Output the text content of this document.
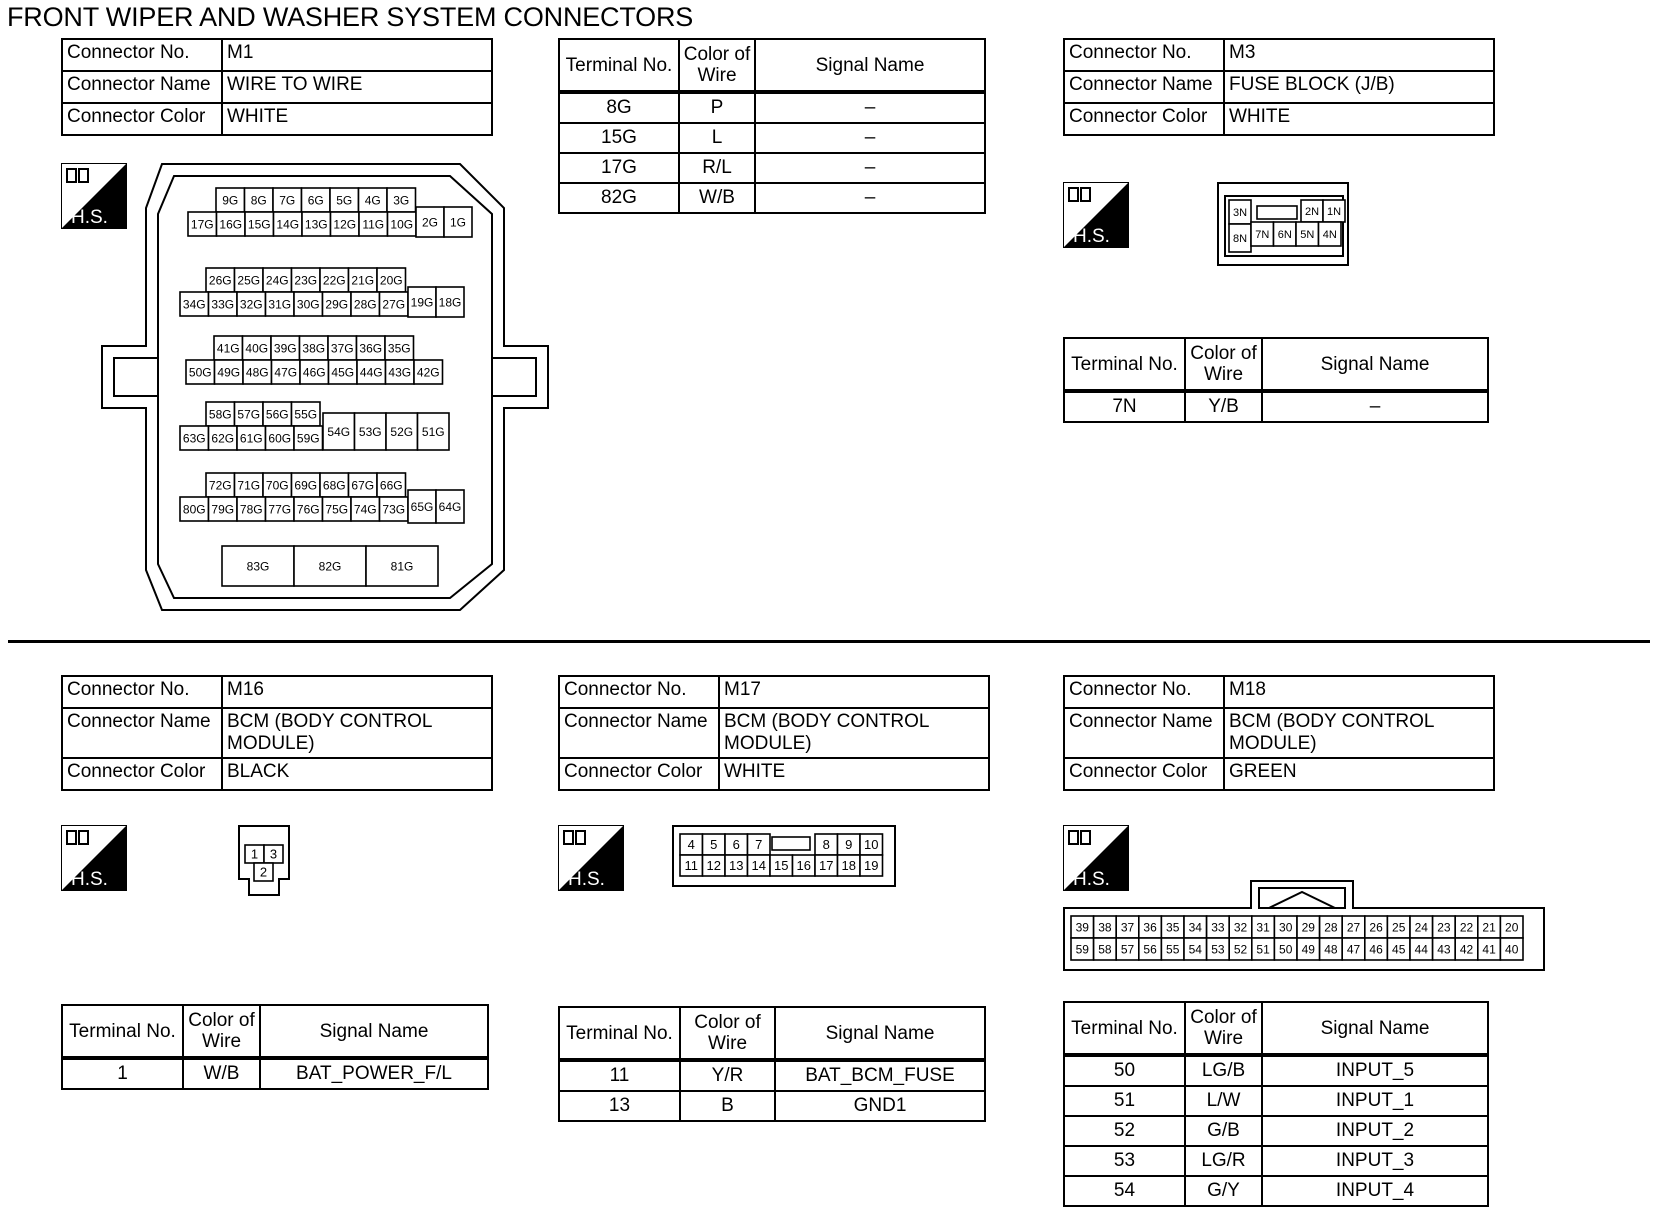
FRONT WIPER AND WASHER SYSTEM CONNECTORS
Connector No.	M1
Connector Name	WIRE TO WIRE
Connector Color	WHITE
Terminal No.	Color of Wire	Signal Name
8G	P	–
15G	L	–
17G	R/L	–
82G	W/B	–
H.S.
9G 8G 7G 6G 5G 4G 3G
17G 16G 15G 14G 13G 12G 11G 10G 2G 1G
26G 25G 24G 23G 22G 21G 20G
34G 33G 32G 31G 30G 29G 28G 27G 19G 18G
41G 40G 39G 38G 37G 36G 35G
50G 49G 48G 47G 46G 45G 44G 43G 42G
58G 57G 56G 55G
63G 62G 61G 60G 59G 54G 53G 52G 51G
72G 71G 70G 69G 68G 67G 66G
80G 79G 78G 77G 76G 75G 74G 73G 65G 64G
83G	82G	81G
Connector No.	M3
Connector Name	FUSE BLOCK (J/B)
Connector Color	WHITE
H.S.
3N	2N 1N
8N 7N 6N 5N 4N
Terminal No.	Color of Wire	Signal Name
7N	Y/B	–
Connector No.	M16
Connector Name	BCM (BODY CONTROL MODULE)
Connector Color	BLACK
H.S.
1 3
2
Terminal No.	Color of Wire	Signal Name
1	W/B	BAT_POWER_F/L
Connector No.	M17
Connector Name	BCM (BODY CONTROL MODULE)
Connector Color	WHITE
H.S.
4 5 6 7	8 9 10
11 12 13 14 15 16 17 18 19
Terminal No.	Color of Wire	Signal Name
11	Y/R	BAT_BCM_FUSE
13	B	GND1
Connector No.	M18
Connector Name	BCM (BODY CONTROL MODULE)
Connector Color	GREEN
H.S.
39 38 37 36 35 34 33 32 31 30 29 28 27 26 25 24 23 22 21 20
59 58 57 56 55 54 53 52 51 50 49 48 47 46 45 44 43 42 41 40
Terminal No.	Color of Wire	Signal Name
50	LG/B	INPUT_5
51	L/W	INPUT_1
52	G/B	INPUT_2
53	LG/R	INPUT_3
54	G/Y	INPUT_4
